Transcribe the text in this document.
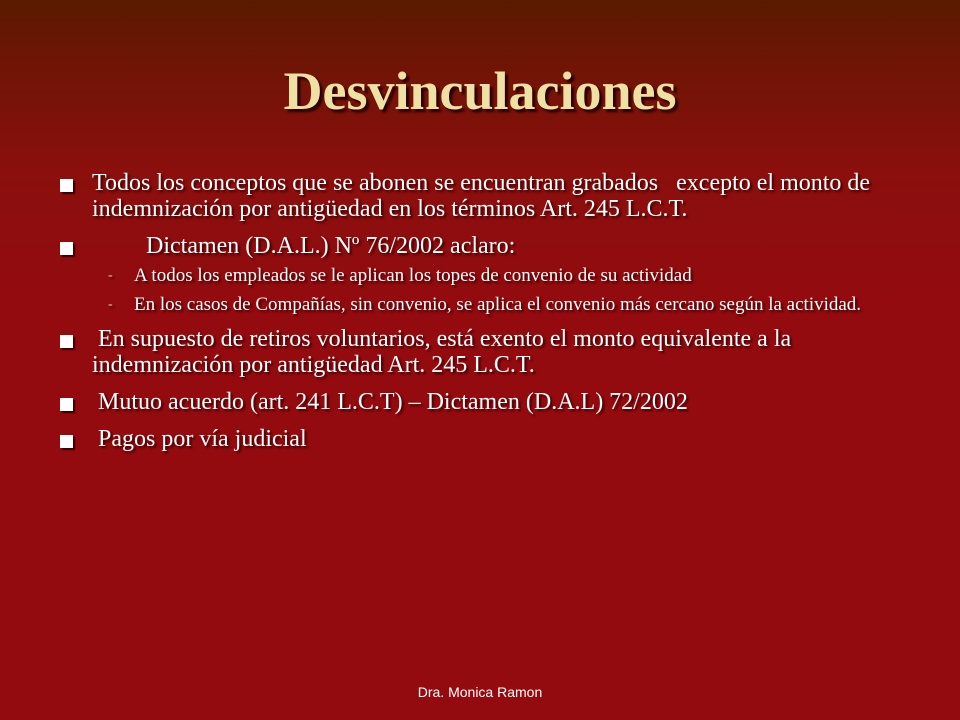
Desvinculaciones
Todos los conceptos que se abonen se encuentran grabados   excepto el monto de indemnización por antigüedad en los términos Art. 245 L.C.T.
Dictamen (D.A.L.) Nº 76/2002 aclaro:
-	A todos los empleados se le aplican los topes de convenio de su actividad
-	En los casos de Compañías, sin convenio, se aplica el convenio más cercano según la actividad.
En supuesto de retiros voluntarios, está exento el monto equivalente a la indemnización por antigüedad Art. 245 L.C.T.
Mutuo acuerdo (art. 241 L.C.T) – Dictamen (D.A.L) 72/2002
Pagos por vía judicial
Dra. Monica Ramon
